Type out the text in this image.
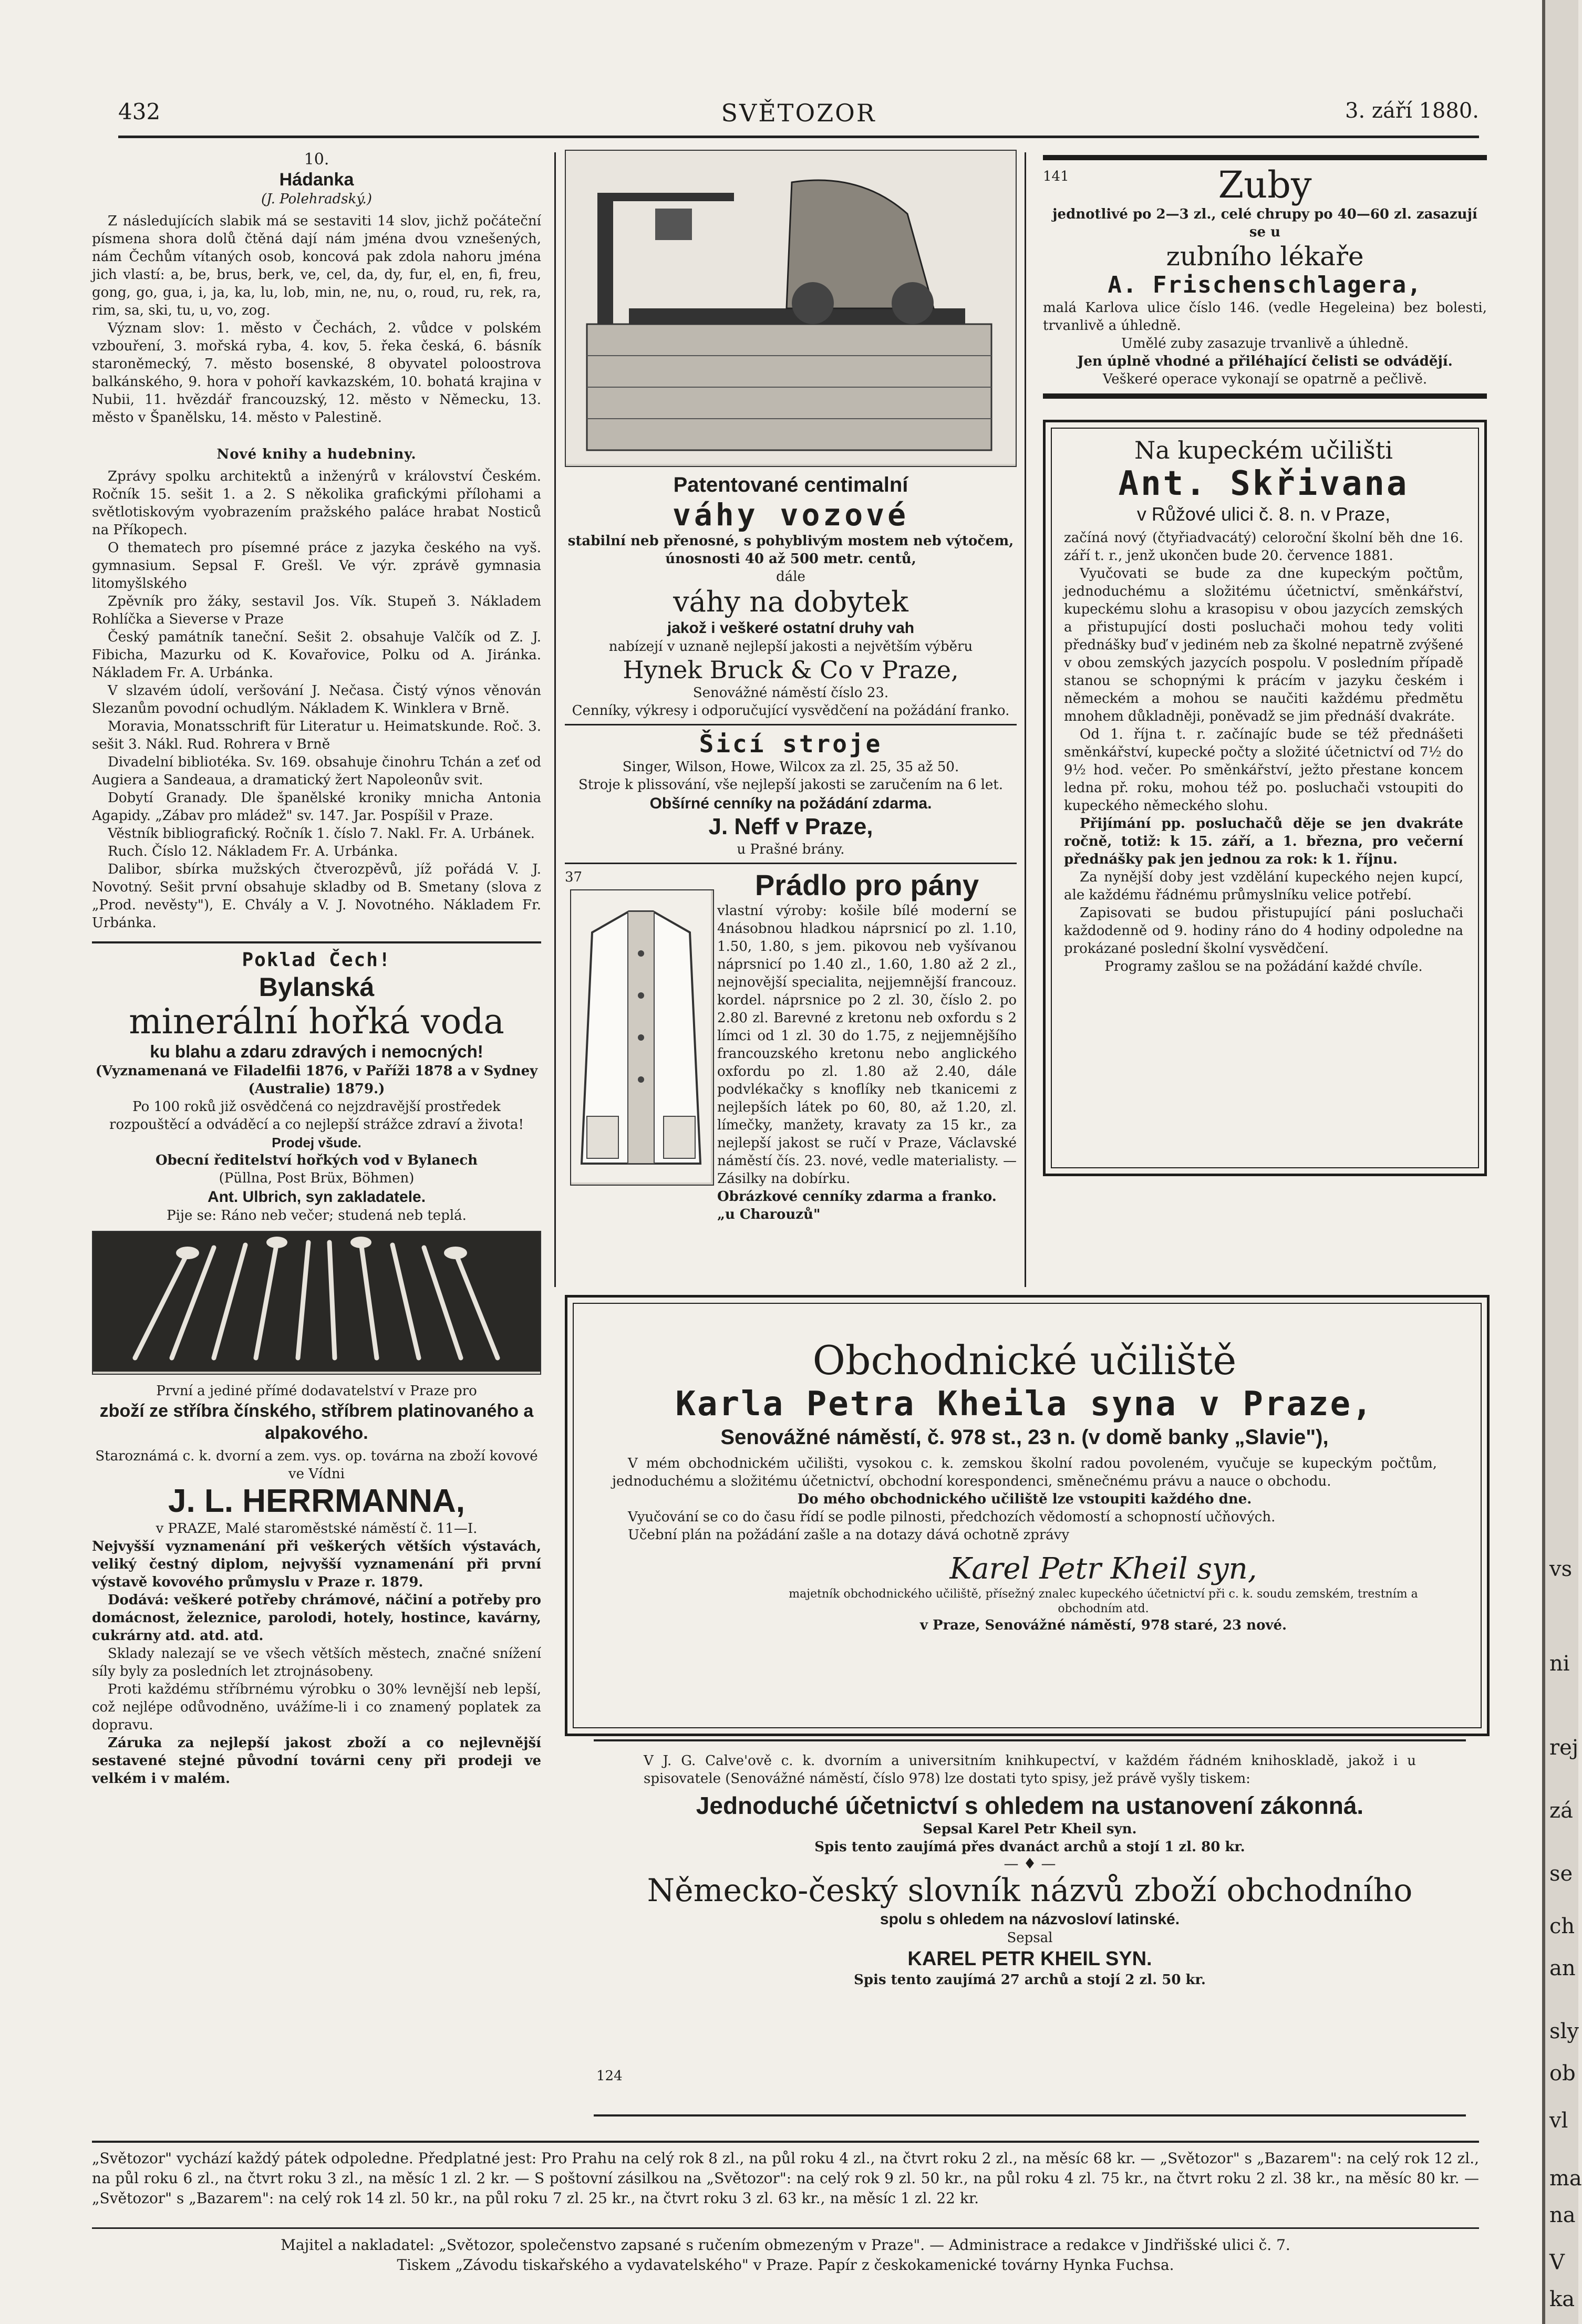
432	SVĚTOZOR	3. září 1880.

10.

Hádanka

(J. Polehradský.)

Z následujících slabik má se sestaviti 14 slov, jichž počáteční písmena shora dolů čtěná dají nám jména dvou vznešených, nám Čechům vítaných osob, koncová pak zdola nahoru jména jich vlastí: a, be, brus, berk, ve, cel, da, dy, fur, el, en, fi, freu, gong, go, gua, i, ja, ka, lu, lob, min, ne, nu, o, roud, ru, rek, ra, rim, sa, ski, tu, u, vo, zog.

Význam slov: 1. město v Čechách, 2. vůdce v polském vzbouření, 3. mořská ryba, 4. kov, 5. řeka česká, 6. básník staroněmecký, 7. město bosenské, 8 obyvatel poloostrova balkánského, 9. hora v pohoří kavkazském, 10. bohatá krajina v Nubii, 11. hvězdář francouzský, 12. město v Německu, 13. město v Španělsku, 14. město v Palestině.

Nové knihy a hudebniny.

Zprávy spolku architektů a inženýrů v království Českém. Ročník 15. sešit 1. a 2. S několika grafickými přílohami a světlotiskovým vyobrazením pražského paláce hrabat Nosticů na Příkopech.

O thematech pro písemné práce z jazyka českého na vyš. gymnasium. Sepsal F. Grešl. Ve výr. zprávě gymnasia litomyšlského

Zpěvník pro žáky, sestavil Jos. Vík. Stupeň 3. Nákladem Rohlíčka a Sieverse v Praze

Český památník taneční. Sešit 2. obsahuje Valčík od Z. J. Fibicha, Mazurku od K. Kovařovice, Polku od A. Jiránka. Nákladem Fr. A. Urbánka.

V slzavém údolí, veršování J. Nečasa. Čistý výnos věnován Slezanům povodní ochudlým. Nákladem K. Winklera v Brně.

Moravia, Monatsschrift für Literatur u. Heimatskunde. Roč. 3. sešit 3. Nákl. Rud. Rohrera v Brně

Divadelní bibliotéka. Sv. 169. obsahuje činohru Tchán a zeť od Augiera a Sandeaua, a dramatický žert Napoleonův svit.

Dobytí Granady. Dle španělské kroniky mnicha Antonia Agapidy. „Zábav pro mládež" sv. 147. Jar. Pospíšil v Praze.

Věstník bibliografický. Ročník 1. číslo 7. Nakl. Fr. A. Urbánek.

Ruch. Číslo 12. Nákladem Fr. A. Urbánka.

Dalibor, sbírka mužských čtverozpěvů, jíž pořádá V. J. Novotný. Sešit první obsahuje skladby od B. Smetany (slova z „Prod. nevěsty"), E. Chvály a V. J. Novotného. Nákladem Fr. Urbánka.

Poklad Čech!

Bylanská

minerální hořká voda

ku blahu a zdaru zdravých i nemocných!

(Vyznamenaná ve Filadelfii 1876, v Paříži 1878 a v Sydney (Australie) 1879.)

Po 100 roků již osvědčená co nejzdravější prostředek rozpouštěcí a odváděcí a co nejlepší strážce zdraví a života!

Prodej všude.

Obecní ředitelství hořkých vod v Bylanech

(Püllna, Post Brüx, Böhmen)

Ant. Ulbrich, syn zakladatele.

Pije se: Ráno neb večer; studená neb teplá.

První a jediné přímé dodavatelství v Praze pro

zboží ze stříbra čínského, stříbrem platinovaného a alpakového.

Staroznámá c. k. dvorní a zem. vys. op. továrna na zboží kovové ve Vídni

J. L. HERRMANNA,

v PRAZE, Malé staroměstské náměstí č. 11—I.

Nejvyšší vyznamenání při veškerých větších výstavách, veliký čestný diplom, nejvyšší vyznamenání při první výstavě kovového průmyslu v Praze r. 1879.

Dodává: veškeré potřeby chrámové, náčiní a potřeby pro domácnost, železnice, parolodi, hotely, hostince, kavárny, cukrárny atd. atd. atd.

Sklady nalezají se ve všech větších městech, značné snížení síly byly za posledních let ztrojnásobeny.

Proti každému stříbrnému výrobku o 30% levnější neb lepší, což nejlépe odůvodněno, uvážíme-li i co znamený poplatek za dopravu.

Záruka za nejlepší jakost zboží a co nejlevnější sestavené stejné původní továrni ceny při prodeji ve velkém i v malém.

Patentované centimalní

váhy vozové

stabilní neb přenosné, s pohyblivým mostem neb výtočem, únosnosti 40 až 500 metr. centů,

dále

váhy na dobytek

jakož i veškeré ostatní druhy vah

nabízejí v uznaně nejlepší jakosti a největším výběru

Hynek Bruck & Co v Praze,

Senovážné náměstí číslo 23.

Cenníky, výkresy i odporučující vysvědčení na požádání franko.

Šicí stroje

Singer, Wilson, Howe, Wilcox za zl. 25, 35 až 50.

Stroje k plissování, vše nejlepší jakosti se zaručením na 6 let.

Obšírné cenníky na požádání zdarma.

J. Neff v Praze,

u Prašné brány.

37	Prádlo pro pány

vlastní výroby: košile bílé moderní se 4násobnou hladkou náprsnicí po zl. 1.10, 1.50, 1.80, s jem. pikovou neb vyšívanou náprsnicí po 1.40 zl., 1.60, 1.80 až 2 zl., nejnovější specialita, nejjemnější francouz. kordel. náprsnice po 2 zl. 30, číslo 2. po 2.80 zl. Barevné z kretonu neb oxfordu s 2 límci od 1 zl. 30 do 1.75, z nejjemnějšího francouzského kretonu nebo anglického oxfordu po zl. 1.80 až 2.40, dále podvlékačky s knoflíky neb tkanicemi z nejlepších látek po 60, 80, až 1.20, zl. límečky, manžety, kravaty za 15 kr., za nejlepší jakost se ručí v Praze, Václavské náměstí čís. 23. nové, vedle materialisty. — Zásilky na dobírku.

Obrázkové cenníky zdarma a franko.

„u Charouzů"

141	Zuby

jednotlivé po 2—3 zl., celé chrupy po 40—60 zl. zasazují se u

zubního lékaře

A. Frischenschlagera,

malá Karlova ulice číslo 146. (vedle Hegeleina) bez bolesti, trvanlivě a úhledně.

Umělé zuby zasazuje trvanlivě a úhledně.

Jen úplně vhodné a přiléhající čelisti se odvádějí.

Veškeré operace vykonají se opatrně a pečlivě.

Na kupeckém učilišti

Ant. Skřivana

v Růžové ulici č. 8. n. v Praze,

začíná nový (čtyřiadvacátý) celoroční školní běh dne 16. září t. r., jenž ukončen bude 20. července 1881.

Vyučovati se bude za dne kupeckým počtům, jednoduchému a složitému účetnictví, směnkářství, kupeckému slohu a krasopisu v obou jazycích zemských a přistupující dosti posluchači mohou tedy voliti přednášky buď v jediném neb za školné nepatrně zvýšené v obou zemských jazycích pospolu. V posledním případě stanou se schopnými k prácím v jazyku českém i německém a mohou se naučiti každému předmětu mnohem důkladněji, poněvadž se jim přednáší dvakráte.

Od 1. října t. r. začínajíc bude se též přednášeti směnkářství, kupecké počty a složité účetnictví od 7½ do 9½ hod. večer. Po směnkářství, ježto přestane koncem ledna př. roku, mohou též po. posluchači vstoupiti do kupeckého německého slohu.

Přijímání pp. posluchačů děje se jen dvakráte ročně, totiž: k 15. září, a 1. března, pro večerní přednášky pak jen jednou za rok: k 1. říjnu.

Za nynější doby jest vzdělání kupeckého nejen kupcí, ale každému řádnému průmyslníku velice potřebí.

Zapisovati se budou přistupující páni posluchači každodenně od 9. hodiny ráno do 4 hodiny odpoledne na prokázané poslední školní vysvědčení.

Programy zašlou se na požádání každé chvíle.

Obchodnické učiliště

Karla Petra Kheila syna v Praze,

Senovážné náměstí, č. 978 st., 23 n. (v domě banky „Slavie"),

V mém obchodnickém učilišti, vysokou c. k. zemskou školní radou povoleném, vyučuje se kupeckým počtům, jednoduchému a složitému účetnictví, obchodní korespondenci, směnečnému právu a nauce o obchodu.

Do mého obchodnického učiliště lze vstoupiti každého dne.

Vyučování se co do času řídí se podle pilnosti, předchozích vědomostí a schopností učňových.

Učební plán na požádání zašle a na dotazy dává ochotně zprávy

Karel Petr Kheil syn,

majetník obchodnického učiliště, přísežný znalec kupeckého účetnictví při c. k. soudu zemském, trestním a obchodním atd.

v Praze, Senovážné náměstí, 978 staré, 23 nové.

V J. G. Calve'ově c. k. dvorním a universitním knihkupectví, v každém řádném knihoskladě, jakož i u spisovatele (Senovážné náměstí, číslo 978) lze dostati tyto spisy, jež právě vyšly tiskem:

Jednoduché účetnictví s ohledem na ustanovení zákonná.

Sepsal Karel Petr Kheil syn.

Spis tento zaujímá přes dvanáct archů a stojí 1 zl. 80 kr.

— ♦ —

Německo-český slovník názvů zboží obchodního

spolu s ohledem na názvosloví latinské.

Sepsal

KAREL PETR KHEIL SYN.

Spis tento zaujímá 27 archů a stojí 2 zl. 50 kr.

124

„Světozor" vychází každý pátek odpoledne. Předplatné jest: Pro Prahu na celý rok 8 zl., na půl roku 4 zl., na čtvrt roku 2 zl., na měsíc 68 kr. — „Světozor" s „Bazarem": na celý rok 12 zl., na půl roku 6 zl., na čtvrt roku 3 zl., na měsíc 1 zl. 2 kr. — S poštovní zásilkou na „Světozor": na celý rok 9 zl. 50 kr., na půl roku 4 zl. 75 kr., na čtvrt roku 2 zl. 38 kr., na měsíc 80 kr. — „Světozor" s „Bazarem": na celý rok 14 zl. 50 kr., na půl roku 7 zl. 25 kr., na čtvrt roku 3 zl. 63 kr., na měsíc 1 zl. 22 kr.

Majitel a nakladatel: „Světozor, společenstvo zapsané s ručením obmezeným v Praze". — Administrace a redakce v Jindřišské ulici č. 7.

Tiskem „Závodu tiskařského a vydavatelského" v Praze. Papír z českokamenické továrny Hynka Fuchsa.

vs
ni
rej
zá
se
ch
an
sly
ob
vl
ma
na
V
ka
